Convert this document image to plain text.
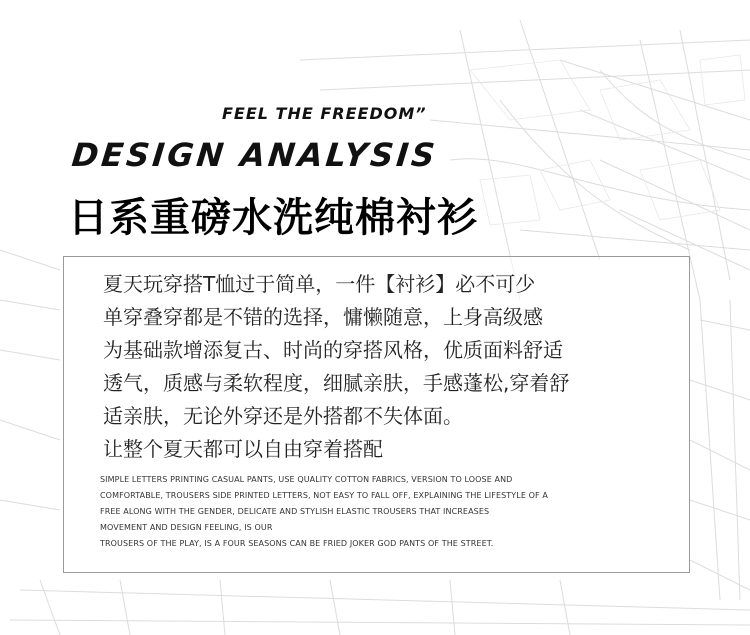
FEEL THE FREEDOM”
DESIGN ANALYSIS
日系重磅水洗纯棉衬衫
夏天玩穿搭T恤过于简单，一件【衬衫】必不可少
单穿叠穿都是不错的选择，慵懒随意，上身高级感
为基础款增添复古、时尚的穿搭风格，优质面料舒适
透气，质感与柔软程度，细腻亲肤，手感蓬松,穿着舒
适亲肤，无论外穿还是外搭都不失体面。
让整个夏天都可以自由穿着搭配
SIMPLE LETTERS PRINTING CASUAL PANTS, USE QUALITY COTTON FABRICS, VERSION TO LOOSE AND
COMFORTABLE, TROUSERS SIDE PRINTED LETTERS, NOT EASY TO FALL OFF, EXPLAINING THE LIFESTYLE OF A
FREE ALONG WITH THE GENDER, DELICATE AND STYLISH ELASTIC TROUSERS THAT INCREASES
MOVEMENT AND DESIGN FEELING, IS OUR
TROUSERS OF THE PLAY, IS A FOUR SEASONS CAN BE FRIED JOKER GOD PANTS OF THE STREET.
